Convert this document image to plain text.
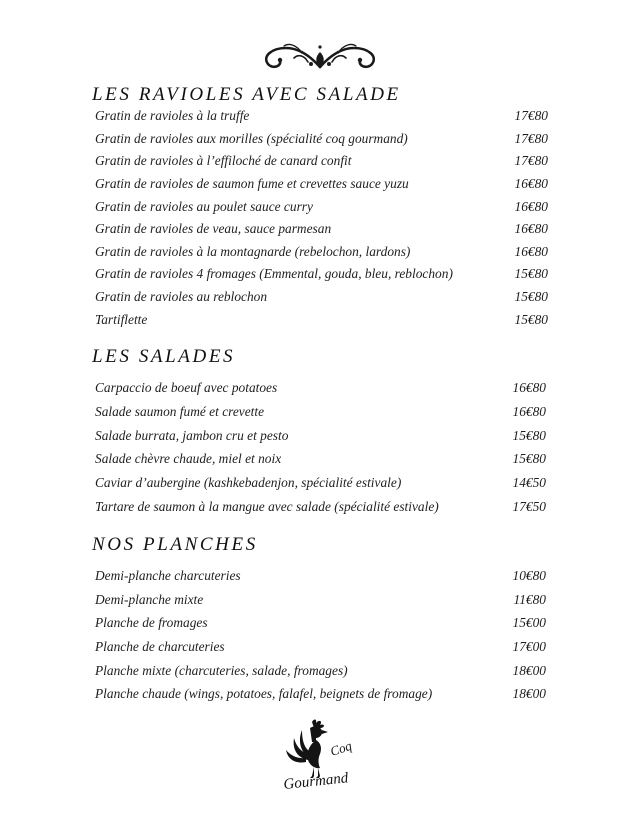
LES RAVIOLES AVEC SALADE
Gratin de ravioles à la truffe	17€80
Gratin de ravioles aux morilles (spécialité coq gourmand)	17€80
Gratin de ravioles à l’effiloché de canard confit	17€80
Gratin de ravioles de saumon fume et crevettes sauce yuzu	16€80
Gratin de ravioles au poulet sauce curry	16€80
Gratin de ravioles de veau, sauce parmesan	16€80
Gratin de ravioles à la montagnarde (rebelochon, lardons)	16€80
Gratin de ravioles 4 fromages (Emmental, gouda, bleu, reblochon)	15€80
Gratin de ravioles au reblochon	15€80
Tartiflette	15€80
LES SALADES
Carpaccio de boeuf avec potatoes	16€80
Salade saumon fumé et crevette	16€80
Salade burrata, jambon cru et pesto	15€80
Salade chèvre chaude, miel et noix	15€80
Caviar d’aubergine (kashkebadenjon, spécialité estivale)	14€50
Tartare de saumon à la mangue avec salade (spécialité estivale)	17€50
NOS PLANCHES
Demi-planche charcuteries	10€80
Demi-planche mixte	11€80
Planche de fromages	15€00
Planche de charcuteries	17€00
Planche mixte (charcuteries, salade, fromages)	18€00
Planche chaude (wings, potatoes, falafel, beignets de fromage)	18€00
Coq
Gourmand
